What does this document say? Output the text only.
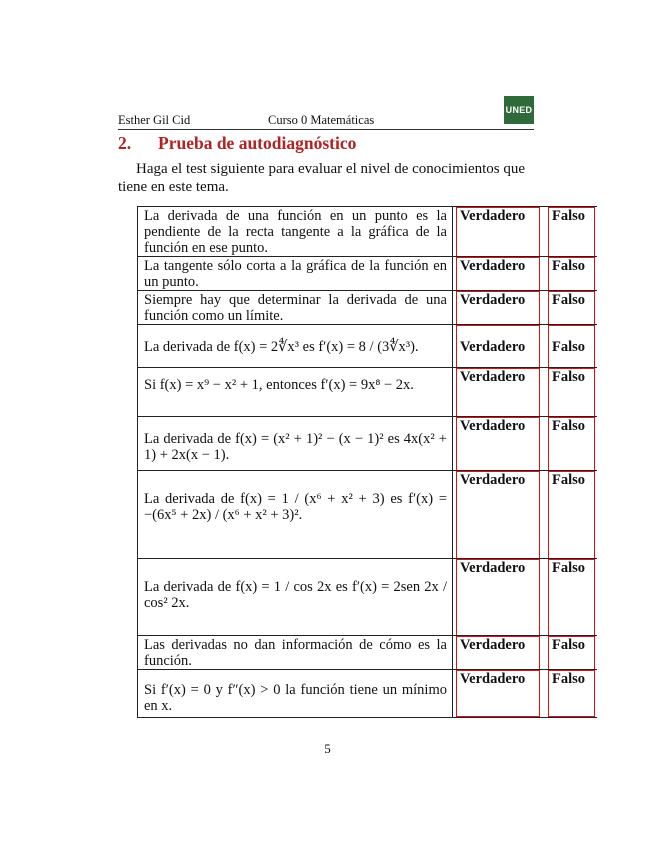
Esther Gil Cid	Curso 0 Matemáticas
UNED
2. Prueba de autodiagnóstico
Haga el test siguiente para evaluar el nivel de conocimientos que tiene en este tema.
La derivada de una función en un punto es la pendiente de la recta tangente a la gráfica de la función en ese punto.
Verdadero Falso
La tangente sólo corta a la gráfica de la función en un punto.
Verdadero Falso
Siempre hay que determinar la derivada de una función como un límite.
Verdadero Falso
La derivada de f(x) = 2∜x³ es f′(x) = 8 / (3∜x³).	Verdadero Falso
Si f(x) = x⁹ − x² + 1, entonces f′(x) = 9x⁸ − 2x.	Verdadero Falso
La derivada de f(x) = (x² + 1)² − (x − 1)² es 4x(x² + 1) + 2x(x − 1).
Verdadero Falso
La derivada de f(x) = 1 / (x⁶ + x² + 3) es f′(x) = −(6x⁵ + 2x) / (x⁶ + x² + 3)².
Verdadero Falso
La derivada de f(x) = 1 / cos 2x es f′(x) = 2sen 2x / cos² 2x.
Verdadero Falso
Las derivadas no dan información de cómo es la función.
Verdadero Falso
Si f′(x) = 0 y f″(x) > 0 la función tiene un mínimo en x.
Verdadero Falso
5
